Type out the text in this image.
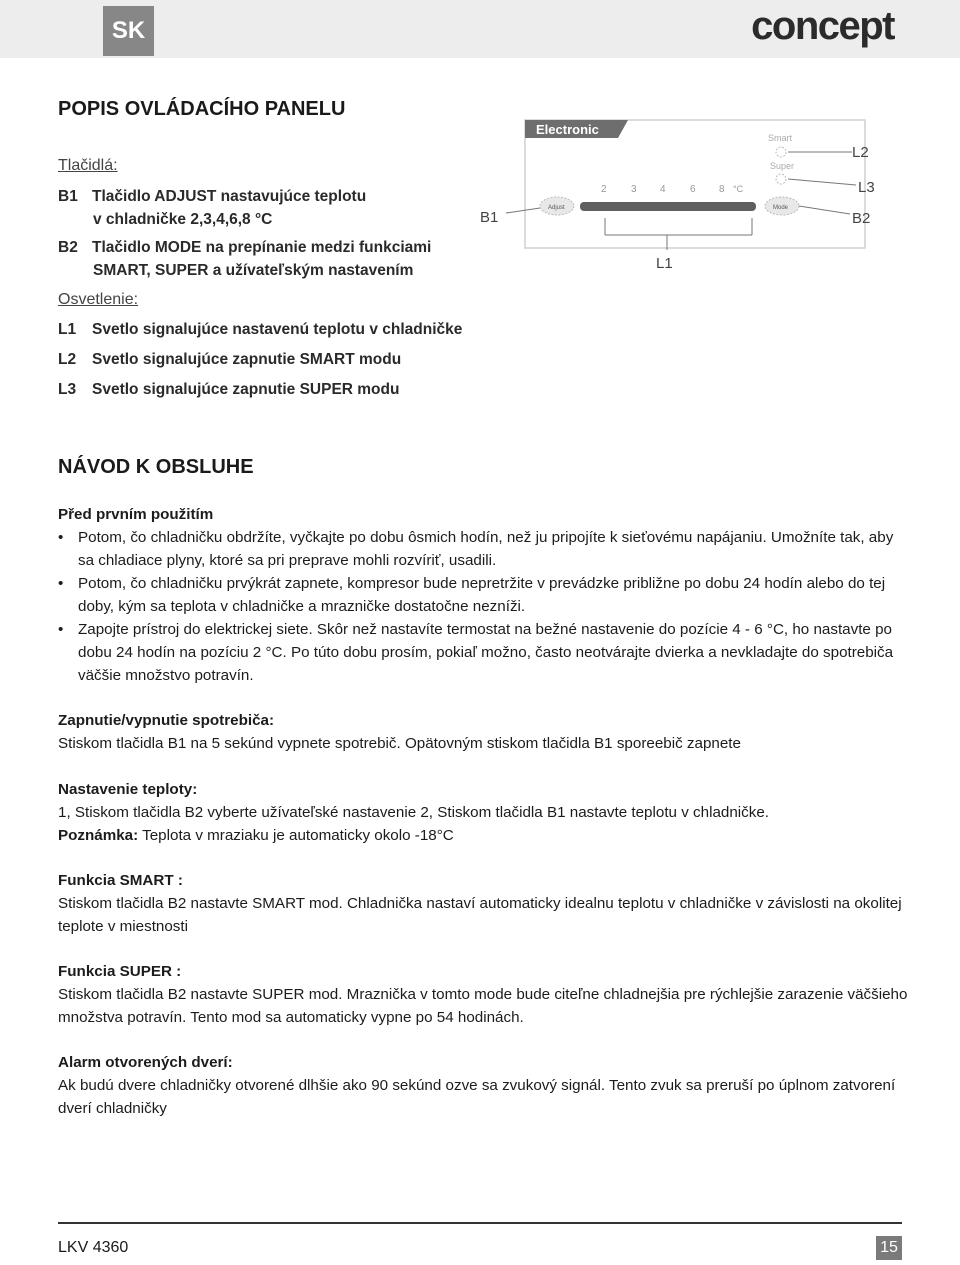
SK	concept
POPIS OVLÁDACÍHO PANELU
Tlačidlá:
B1 Tlačidlo ADJUST nastavujúce teplotu
v chladničke 2,3,4,6,8 °C
B2 Tlačidlo MODE na prepínanie medzi funkciami
SMART, SUPER a užívateľským nastavením
Osvetlenie:
L1 Svetlo signalujúce nastavenú teplotu v chladničke
L2 Svetlo signalujúce zapnutie SMART modu
L3 Svetlo signalujúce zapnutie SUPER modu
Electronic
Smart
Super
2 3 4 6 8 °C
Adjust	Mode
B1	B2
L2
L3
L1
NÁVOD K OBSLUHE
Před prvním použitím
• Potom, čo chladničku obdržíte, vyčkajte po dobu ôsmich hodín, než ju pripojíte k sieťovému napájaniu. Umožníte tak, aby sa chladiace plyny, ktoré sa pri preprave mohli rozvíriť, usadili.
• Potom, čo chladničku prvýkrát zapnete, kompresor bude nepretržite v prevádzke približne po dobu 24 hodín alebo do tej doby, kým sa teplota v chladničke a mrazničke dostatočne nezníži.
• Zapojte prístroj do elektrickej siete. Skôr než nastavíte termostat na bežné nastavenie do pozície 4 - 6 °C, ho nastavte po dobu 24 hodín na pozíciu 2 °C. Po túto dobu prosím, pokiaľ možno, často neotvárajte dvierka a nevkladajte do spotrebiča väčšie množstvo potravín.
Zapnutie/vypnutie spotrebiča:
Stiskom tlačidla B1 na 5 sekúnd vypnete spotrebič. Opätovným stiskom tlačidla B1 sporeebič zapnete
Nastavenie teploty:
1, Stiskom tlačidla B2 vyberte užívateľské nastavenie 2, Stiskom tlačidla B1 nastavte teplotu v chladničke.
Poznámka: Teplota v mraziaku je automaticky okolo -18°C
Funkcia SMART :
Stiskom tlačidla B2 nastavte SMART mod. Chladnička nastaví automaticky idealnu teplotu v chladničke v závislosti na okolitej teplote v miestnosti
Funkcia SUPER :
Stiskom tlačidla B2 nastavte SUPER mod. Mraznička v tomto mode bude citeľne chladnejšia pre rýchlejšie zarazenie väčšieho množstva potravín. Tento mod sa automaticky vypne po 54 hodinách.
Alarm otvorených dverí:
Ak budú dvere chladničky otvorené dlhšie ako 90 sekúnd ozve sa zvukový signál. Tento zvuk sa preruší po úplnom zatvorení dverí chladničky
LKV 4360	15
